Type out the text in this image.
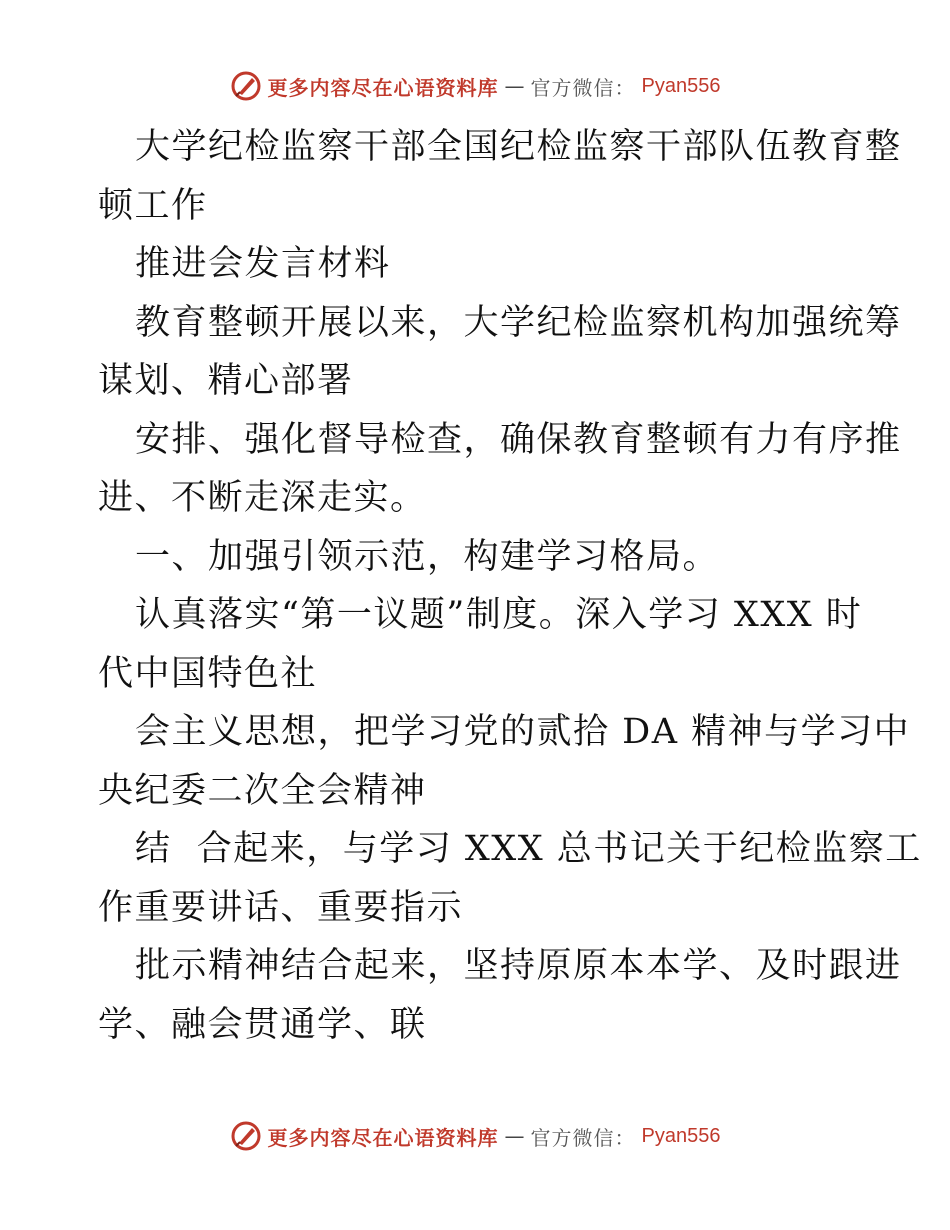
更多内容尽在心语资料库 — 官方微信： Pyan556
大学纪检监察干部全国纪检监察干部队伍教育整
顿工作
推进会发言材料
教育整顿开展以来，大学纪检监察机构加强统筹
谋划、精心部署
安排、强化督导检查，确保教育整顿有力有序推
进、不断走深走实。
一、加强引领示范，构建学习格局。
认真落实“第一议题”制度。深入学习 XXX 时
代中国特色社
会主义思想，把学习党的贰拾 DA 精神与学习中
央纪委二次全会精神
结  合起来，与学习 XXX 总书记关于纪检监察工
作重要讲话、重要指示
批示精神结合起来，坚持原原本本学、及时跟进
学、融会贯通学、联
更多内容尽在心语资料库 — 官方微信： Pyan556
